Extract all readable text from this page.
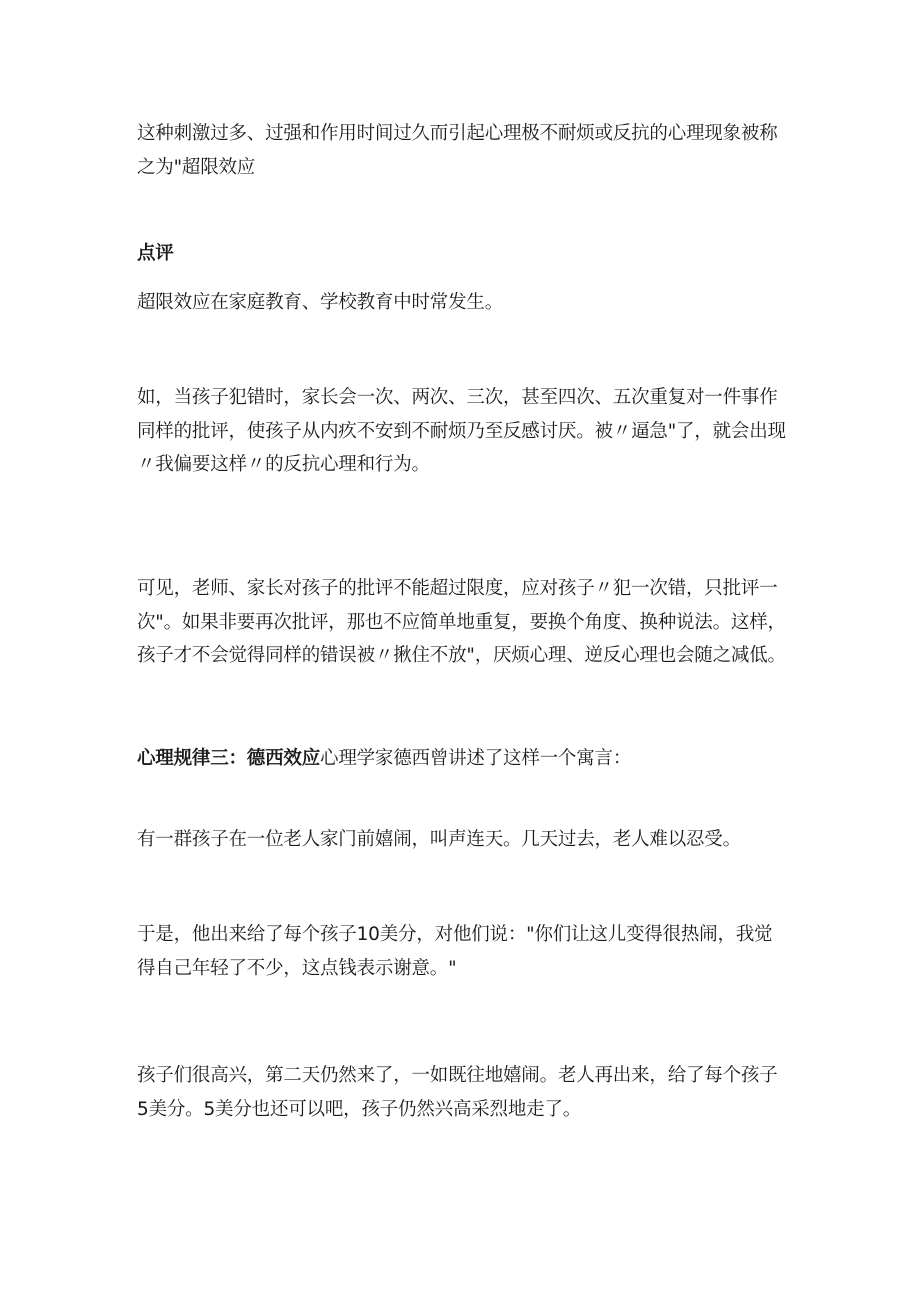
这种刺激过多、过强和作用时间过久而引起心理极不耐烦或反抗的心理现象被称之为"超限效应

点评

超限效应在家庭教育、学校教育中时常发生。

如，当孩子犯错时，家长会一次、两次、三次，甚至四次、五次重复对一件事作同样的批评，使孩子从内疚不安到不耐烦乃至反感讨厌。被〃逼急"了，就会出现〃我偏要这样〃的反抗心理和行为。

可见，老师、家长对孩子的批评不能超过限度，应对孩子〃犯一次错，只批评一次"。如果非要再次批评，那也不应简单地重复，要换个角度、换种说法。这样，孩子才不会觉得同样的错误被〃揪住不放"，厌烦心理、逆反心理也会随之减低。

心理规律三：德西效应心理学家德西曾讲述了这样一个寓言：

有一群孩子在一位老人家门前嬉闹，叫声连天。几天过去，老人难以忍受。

于是，他出来给了每个孩子10美分，对他们说："你们让这儿变得很热闹，我觉得自己年轻了不少，这点钱表示谢意。"

孩子们很高兴，第二天仍然来了，一如既往地嬉闹。老人再出来，给了每个孩子5美分。5美分也还可以吧，孩子仍然兴高采烈地走了。
